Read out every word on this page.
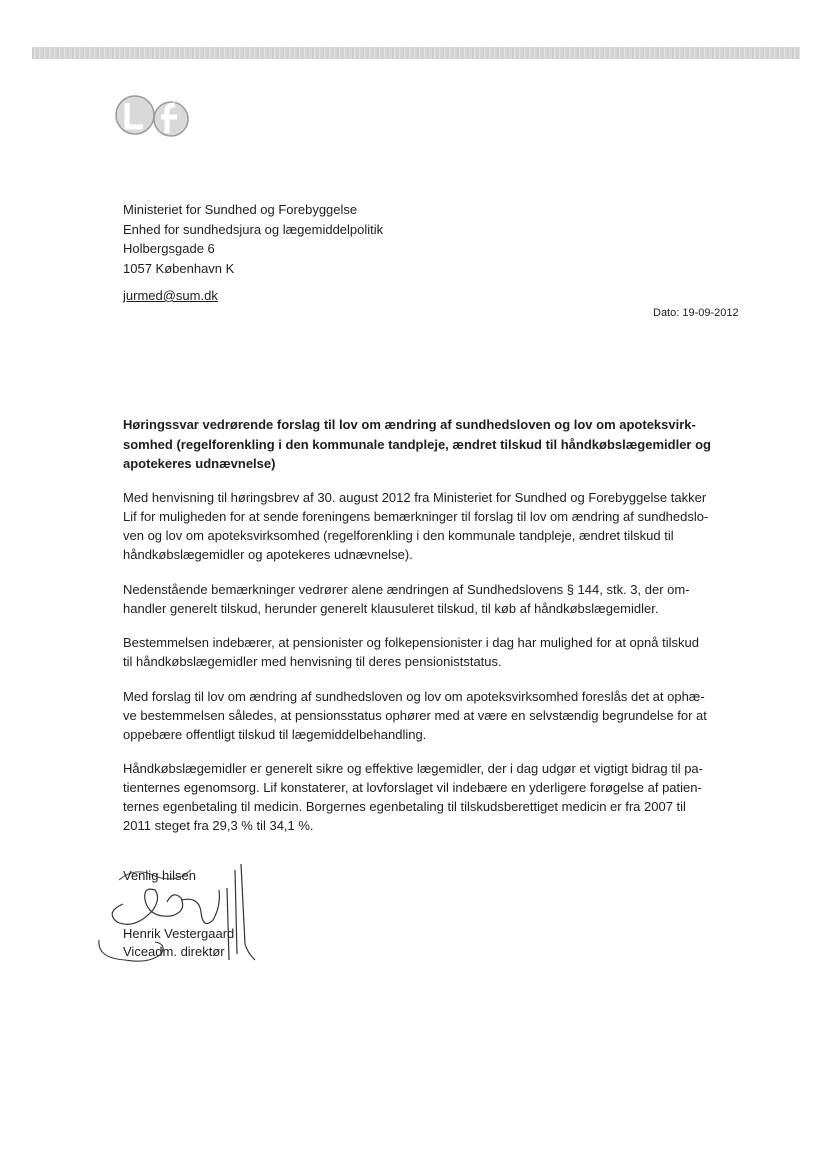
Ministeriet for Sundhed og Forebyggelse
Enhed for sundhedsjura og lægemiddelpolitik
Holbergsgade 6
1057 København K
jurmed@sum.dk
Dato: 19-09-2012
Høringssvar vedrørende forslag til lov om ændring af sundhedsloven og lov om apoteksvirk-
somhed (regelforenkling i den kommunale tandpleje, ændret tilskud til håndkøbslægemidler og
apotekeres udnævnelse)
Med henvisning til høringsbrev af 30. august 2012 fra Ministeriet for Sundhed og Forebyggelse takker
Lif for muligheden for at sende foreningens bemærkninger til forslag til lov om ændring af sundhedslo-
ven og lov om apoteksvirksomhed (regelforenkling i den kommunale tandpleje, ændret tilskud til
håndkøbslægemidler og apotekeres udnævnelse).
Nedenstående bemærkninger vedrører alene ændringen af Sundhedslovens § 144, stk. 3, der om-
handler generelt tilskud, herunder generelt klausuleret tilskud, til køb af håndkøbslægemidler.
Bestemmelsen indebærer, at pensionister og folkepensionister i dag har mulighed for at opnå tilskud
til håndkøbslægemidler med henvisning til deres pensioniststatus.
Med forslag til lov om ændring af sundhedsloven og lov om apoteksvirksomhed foreslås det at ophæ-
ve bestemmelsen således, at pensionsstatus ophører med at være en selvstændig begrundelse for at
oppebære offentligt tilskud til lægemiddelbehandling.
Håndkøbslægemidler er generelt sikre og effektive lægemidler, der i dag udgør et vigtigt bidrag til pa-
tienternes egenomsorg. Lif konstaterer, at lovforslaget vil indebære en yderligere forøgelse af patien-
ternes egenbetaling til medicin. Borgernes egenbetaling til tilskudsberettiget medicin er fra 2007 til
2011 steget fra 29,3 % til 34,1 %.
Venlig hilsen
Henrik Vestergaard
Viceadm. direktør
